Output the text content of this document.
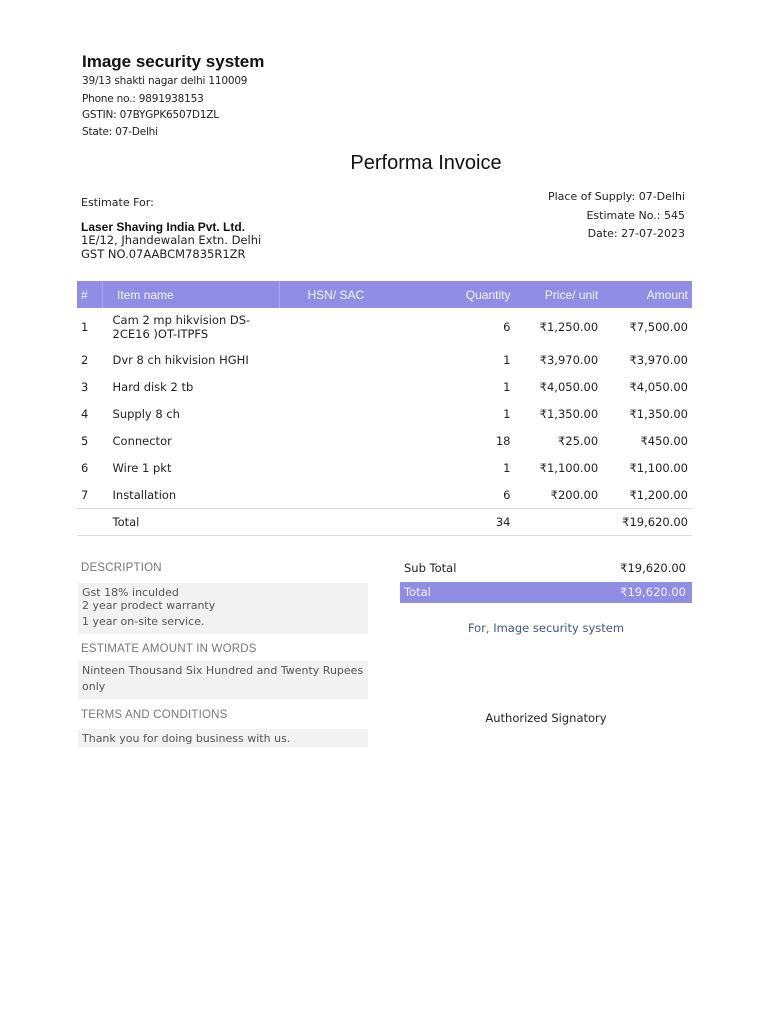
Image security system
39/13 shakti nagar delhi 110009
Phone no.: 9891938153
GSTIN: 07BYGPK6507D1ZL
State: 07-Delhi
Performa Invoice
Estimate For:
Laser Shaving India Pvt. Ltd.
1E/12, Jhandewalan Extn. Delhi
GST NO.07AABCM7835R1ZR
Place of Supply: 07-Delhi
Estimate No.: 545
Date: 27-07-2023
#	Item name	HSN/ SAC	Quantity	Price/ unit	Amount
1	Cam 2 mp hikvision DS-2CE16 )OT-ITPFS		6	₹1,250.00	₹7,500.00
2	Dvr 8 ch hikvision HGHI		1	₹3,970.00	₹3,970.00
3	Hard disk 2 tb		1	₹4,050.00	₹4,050.00
4	Supply 8 ch		1	₹1,350.00	₹1,350.00
5	Connector		18	₹25.00	₹450.00
6	Wire 1 pkt		1	₹1,100.00	₹1,100.00
7	Installation		6	₹200.00	₹1,200.00
	Total		34		₹19,620.00
DESCRIPTION
Gst 18% inculded
2 year prodect warranty
1 year on-site service.
ESTIMATE AMOUNT IN WORDS
Ninteen Thousand Six Hundred and Twenty Rupees only
TERMS AND CONDITIONS
Thank you for doing business with us.
Sub Total	₹19,620.00
Total	₹19,620.00
For, Image security system
Authorized Signatory
